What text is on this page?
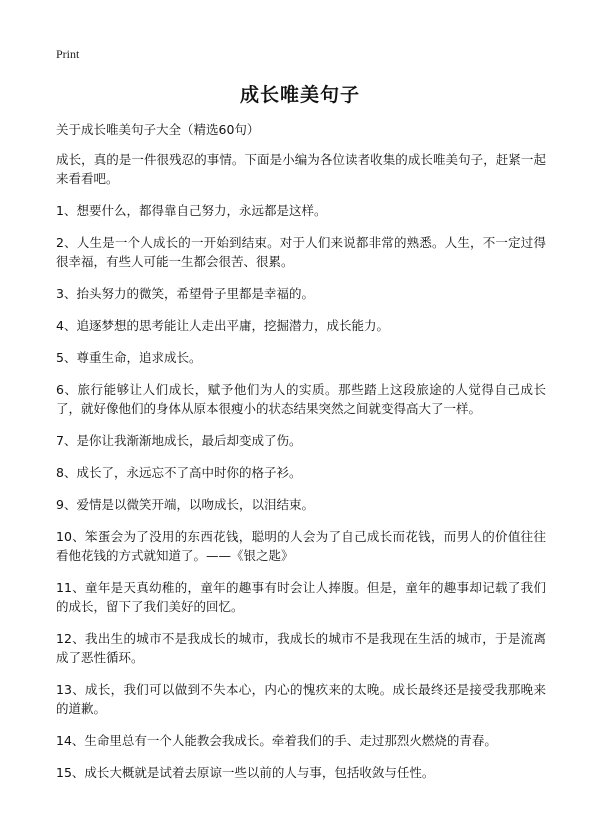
Print
成长唯美句子
关于成长唯美句子大全（精选60句）

成长，真的是一件很残忍的事情。下面是小编为各位读者收集的成长唯美句子，赶紧一起来看看吧。

1、想要什么，都得靠自己努力，永远都是这样。

2、人生是一个人成长的一开始到结束。对于人们来说都非常的熟悉。人生，不一定过得很幸福，有些人可能一生都会很苦、很累。

3、抬头努力的微笑，希望骨子里都是幸福的。

4、追逐梦想的思考能让人走出平庸，挖掘潜力，成长能力。

5、尊重生命，追求成长。

6、旅行能够让人们成长，赋予他们为人的实质。那些踏上这段旅途的人觉得自己成长了，就好像他们的身体从原本很瘦小的状态结果突然之间就变得高大了一样。

7、是你让我渐渐地成长，最后却变成了伤。

8、成长了，永远忘不了高中时你的格子衫。

9、爱情是以微笑开端，以吻成长，以泪结束。

10、笨蛋会为了没用的东西花钱，聪明的人会为了自己成长而花钱，而男人的价值往往看他花钱的方式就知道了。——《银之匙》

11、童年是天真幼稚的，童年的趣事有时会让人捧腹。但是，童年的趣事却记载了我们的成长，留下了我们美好的回忆。

12、我出生的城市不是我成长的城市，我成长的城市不是我现在生活的城市，于是流离成了恶性循环。

13、成长，我们可以做到不失本心，内心的愧疚来的太晚。成长最终还是接受我那晚来的道歉。

14、生命里总有一个人能教会我成长。牵着我们的手、走过那烈火燃烧的青春。

15、成长大概就是试着去原谅一些以前的人与事，包括收敛与任性。
